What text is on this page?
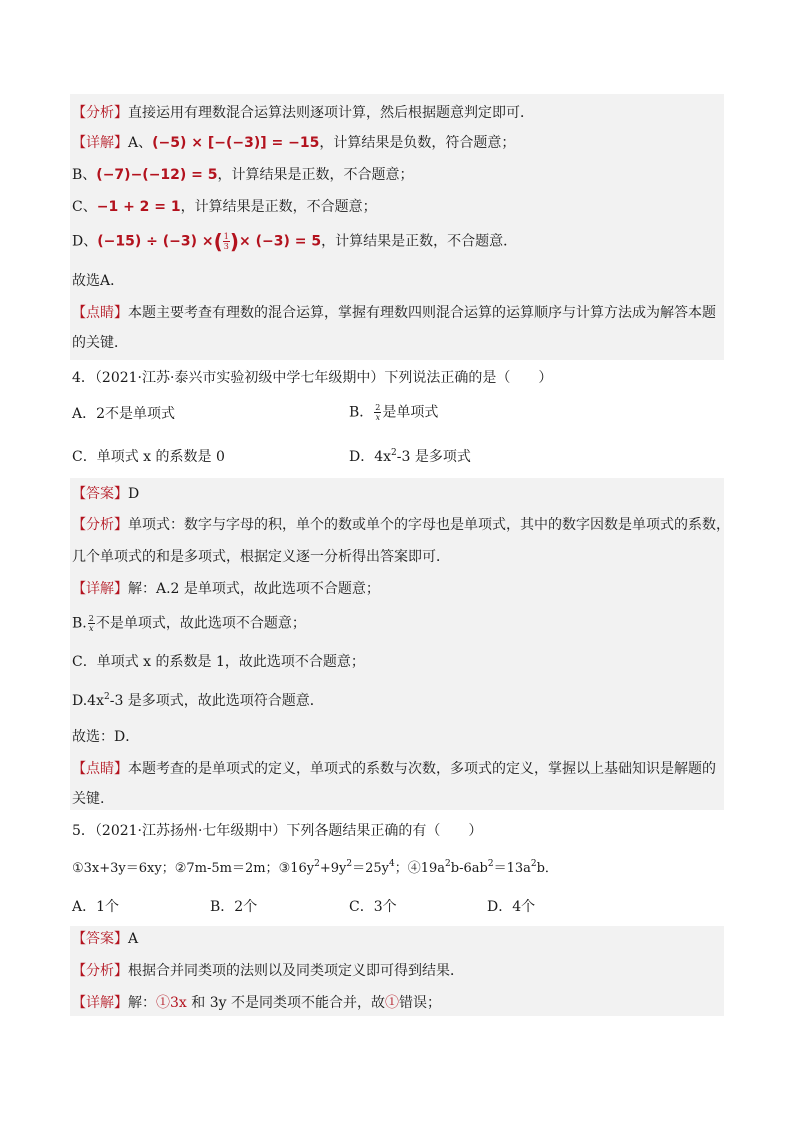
【分析】直接运用有理数混合运算法则逐项计算，然后根据题意判定即可．
【详解】A、(−5) × [−(−3)] = −15，计算结果是负数，符合题意；
B、(−7)−(−12) = 5，计算结果是正数，不合题意；
C、−1 + 2 = 1，计算结果是正数，不合题意；
D、(−15) ÷ (−3) ×( $\frac{1}{3}$ )× (−3) = 5，计算结果是正数，不合题意．
故选A．
【点睛】本题主要考查有理数的混合运算，掌握有理数四则混合运算的运算顺序与计算方法成为解答本题
的关键．
4．（2021·江苏·泰兴市实验初级中学七年级期中）下列说法正确的是（　　）
A．2不是单项式	B． $\frac{2}{x}$ 是单项式
C．单项式 x 的系数是 0	D．$4x^2-3$ 是多项式
【答案】D
【分析】单项式：数字与字母的积，单个的数或单个的字母也是单项式，其中的数字因数是单项式的系数，
几个单项式的和是多项式，根据定义逐一分析得出答案即可．
【详解】解：A.2 是单项式，故此选项不合题意；
B. $\frac{2}{x}$ 不是单项式，故此选项不合题意；
C．单项式 x 的系数是 1，故此选项不合题意；
$D.4x^2-3$ 是多项式，故此选项符合题意．
故选：D．
【点睛】本题考查的是单项式的定义，单项式的系数与次数，多项式的定义，掌握以上基础知识是解题的
关键.
5．（2021·江苏扬州·七年级期中）下列各题结果正确的有（　　）
①3x+3y＝6xy；②7m-5m＝2m；$③16y^2+9y^2=25y^4$；$④19a^2b-6ab^2=13a^2b$．
A．1个	B．2个	C．3个	D．4个
【答案】A
【分析】根据合并同类项的法则以及同类项定义即可得到结果．
【详解】解：①3x 和 3y 不是同类项不能合并，故①错误；
